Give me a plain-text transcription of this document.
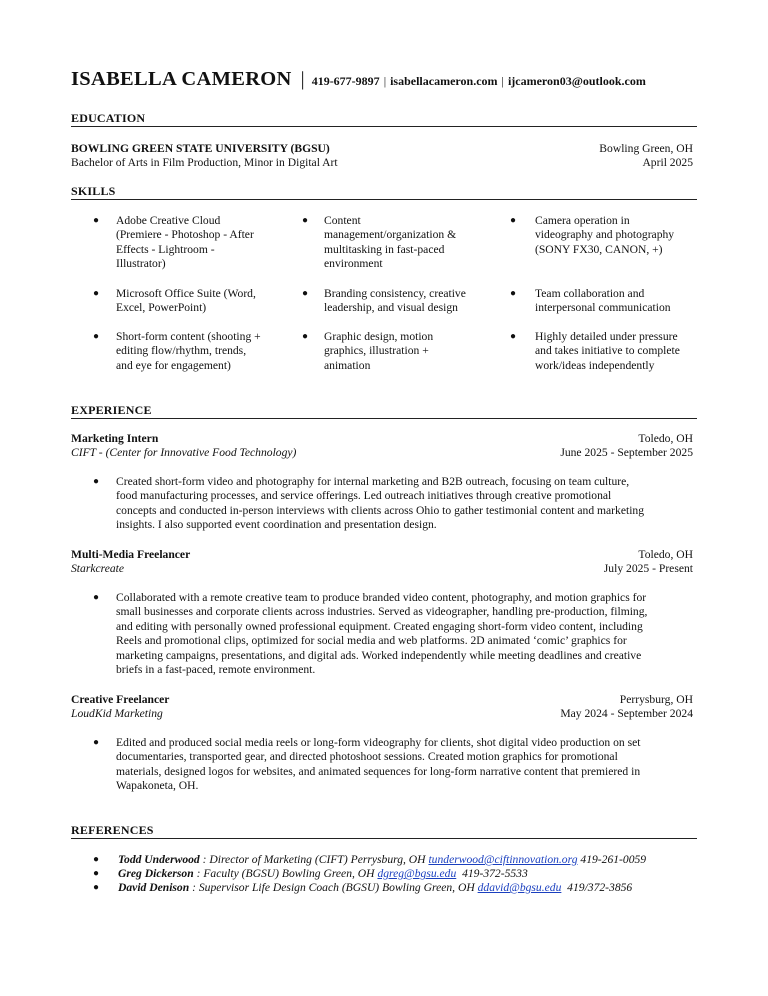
ISABELLA CAMERON | 419-677-9897 | isabellacameron.com | ijcameron03@outlook.com
EDUCATION
BOWLING GREEN STATE UNIVERSITY (BGSU)	Bowling Green, OH
Bachelor of Arts in Film Production, Minor in Digital Art	April 2025
SKILLS
● Adobe Creative Cloud
(Premiere - Photoshop - After
Effects - Lightroom -
Illustrator)
● Content
management/organization &
multitasking in fast-paced
environment
● Camera operation in
videography and photography
(SONY FX30, CANON, +)
● Microsoft Office Suite (Word,
Excel, PowerPoint)
● Branding consistency, creative
leadership, and visual design
● Team collaboration and
interpersonal communication
● Short-form content (shooting +
editing flow/rhythm, trends,
and eye for engagement)
● Graphic design, motion
graphics, illustration +
animation
● Highly detailed under pressure
and takes initiative to complete
work/ideas independently
EXPERIENCE
Marketing Intern	Toledo, OH
CIFT - (Center for Innovative Food Technology)	June 2025 - September 2025
● Created short-form video and photography for internal marketing and B2B outreach, focusing on team culture,
food manufacturing processes, and service offerings. Led outreach initiatives through creative promotional
concepts and conducted in-person interviews with clients across Ohio to gather testimonial content and marketing
insights. I also supported event coordination and presentation design.
Multi-Media Freelancer	Toledo, OH
Starkcreate	July 2025 - Present
● Collaborated with a remote creative team to produce branded video content, photography, and motion graphics for
small businesses and corporate clients across industries. Served as videographer, handling pre-production, filming,
and editing with personally owned professional equipment. Created engaging short-form video content, including
Reels and promotional clips, optimized for social media and web platforms. 2D animated ‘comic’ graphics for
marketing campaigns, presentations, and digital ads. Worked independently while meeting deadlines and creative
briefs in a fast-paced, remote environment.
Creative Freelancer	Perrysburg, OH
LoudKid Marketing	May 2024 - September 2024
● Edited and produced social media reels or long-form videography for clients, shot digital video production on set
documentaries, transported gear, and directed photoshoot sessions. Created motion graphics for promotional
materials, designed logos for websites, and animated sequences for long-form narrative content that premiered in
Wapakoneta, OH.
REFERENCES
● Todd Underwood : Director of Marketing (CIFT) Perrysburg, OH tunderwood@ciftinnovation.org 419-261-0059
● Greg Dickerson : Faculty (BGSU) Bowling Green, OH dgreg@bgsu.edu  419-372-5533
● David Denison : Supervisor Life Design Coach (BGSU) Bowling Green, OH ddavid@bgsu.edu  419/372-3856
